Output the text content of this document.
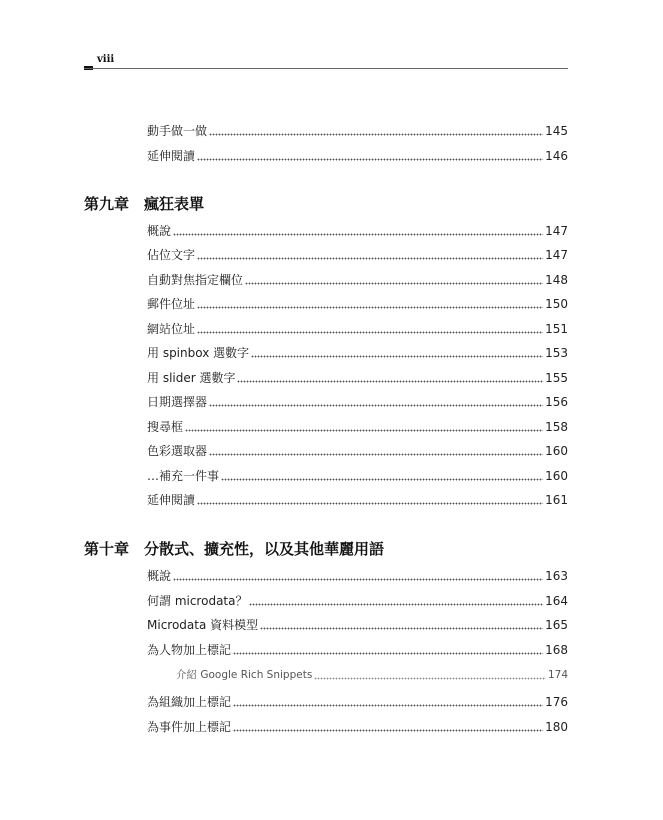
viii
動手做一做	145
延伸閱讀	146
第九章 瘋狂表單
概說	147
佔位文字	147
自動對焦指定欄位	148
郵件位址	150
網站位址	151
用 spinbox 選數字	153
用 slider 選數字	155
日期選擇器	156
搜尋框	158
色彩選取器	160
…補充一件事	160
延伸閱讀	161
第十章 分散式、擴充性，以及其他華麗用語
概說	163
何謂 microdata？	164
Microdata 資料模型	165
為人物加上標記	168
介紹 Google Rich Snippets	174
為組織加上標記	176
為事件加上標記	180
